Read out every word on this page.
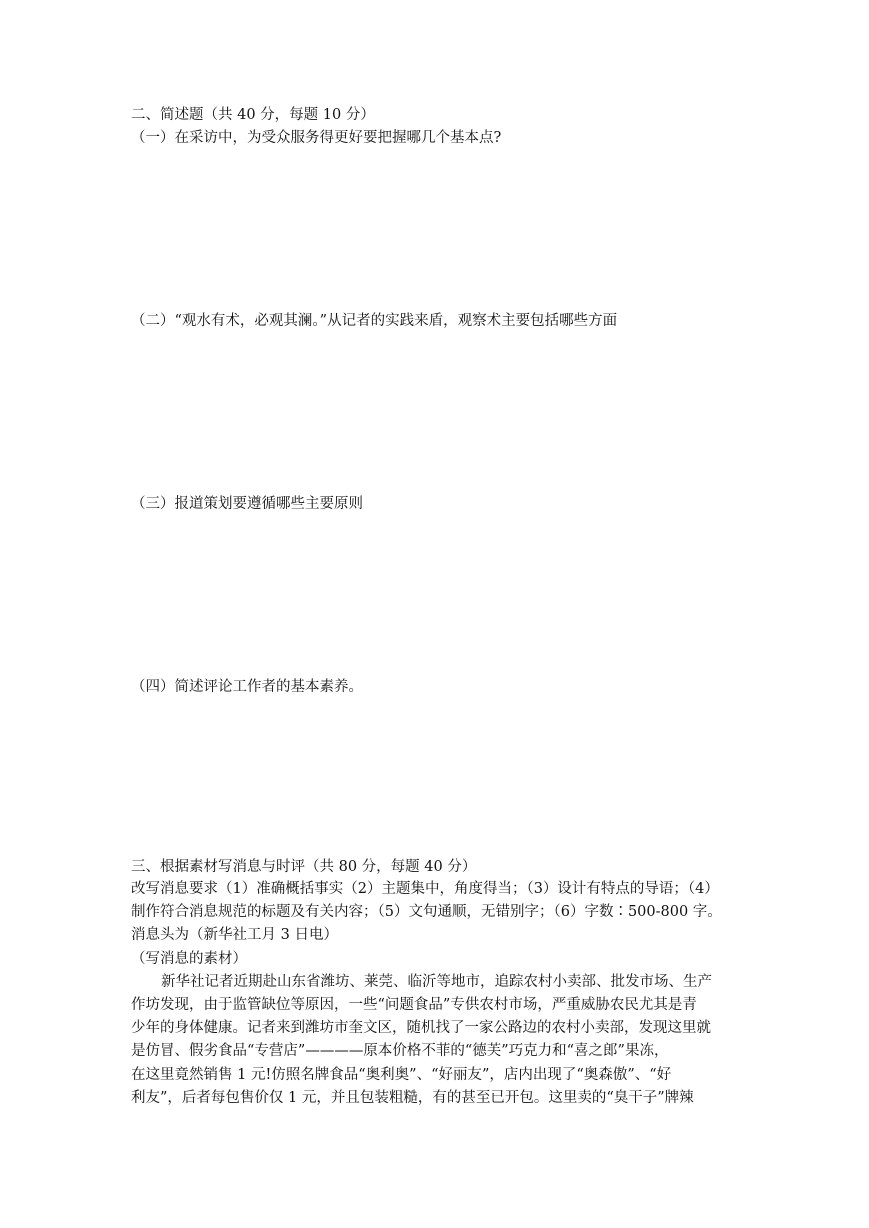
二、简述题（共 40 分，每题 10 分）
（一）在采访中，为受众服务得更好要把握哪几个基本点?
（二）“观水有术，必观其澜。”从记者的实践来盾，观察术主要包括哪些方面
（三）报道策划要遵循哪些主要原则
（四）简述评论工作者的基本素养。
三、根据素材写消息与时评（共 80 分，每题 40 分）

改写消息要求（1）准确概括事实（2）主题集中，角度得当；（3）设计有特点的导语；（4）

制作符合消息规范的标题及有关内容；（5）文句通顺，无错别字；（6）字数∶500-800 字。

消息头为（新华社工月 3 日电）

（写消息的素材）

新华社记者近期赴山东省潍坊、莱莞、临沂等地市，追踪农村小卖部、批发市场、生产

作坊发现，由于监管缺位等原因，一些“问题食品”专供农村市场，严重威胁农民尤其是青

少年的身体健康。记者来到潍坊市奎文区，随机找了一家公路边的农村小卖部，发现这里就

是仿冒、假劣食品“专营店”————原本价格不菲的“德芙”巧克力和“喜之郎”果冻，

在这里竟然销售 1 元!仿照名牌食品“奥利奥”、“好丽友”，店内出现了“奥森傲”、“好

利友”，后者每包售价仅 1 元，并且包装粗糙，有的甚至已开包。这里卖的“臭干子”牌辣
